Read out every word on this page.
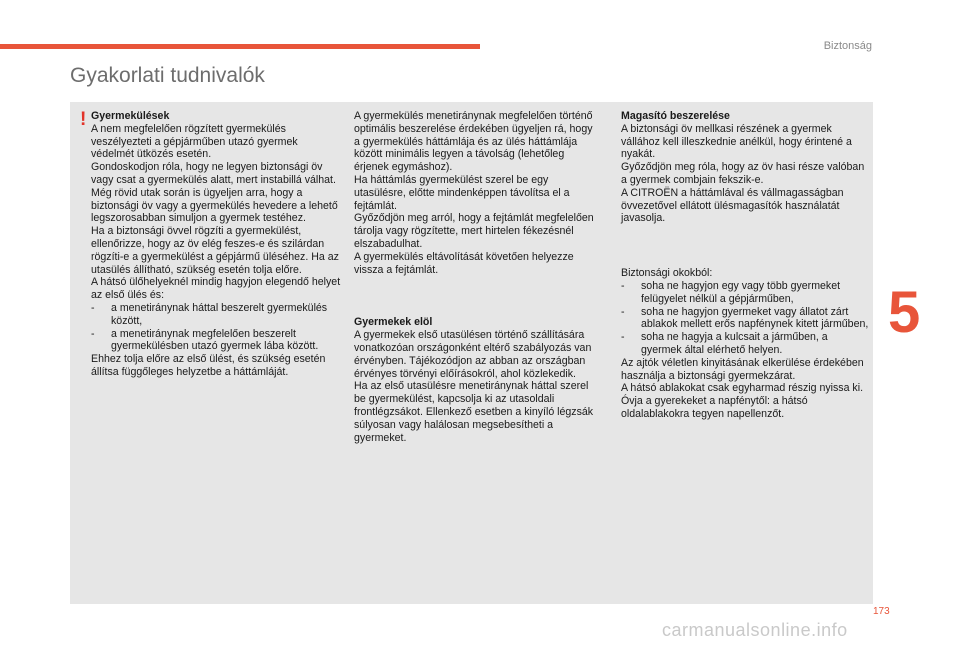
Biztonság
Gyakorlati tudnivalók
! Gyermekülések

A nem megfelelően rögzített gyermekülés veszélyezteti a gépjárműben utazó gyermek védelmét ütközés esetén.

Gondoskodjon róla, hogy ne legyen biztonsági öv vagy csat a gyermekülés alatt, mert instabillá válhat.

Még rövid utak során is ügyeljen arra, hogy a biztonsági öv vagy a gyermekülés hevedere a lehető legszorosabban simuljon a gyermek testéhez.

Ha a biztonsági övvel rögzíti a gyermekülést, ellenőrizze, hogy az öv elég feszes-e és szilárdan rögzíti-e a gyermekülést a gépjármű üléséhez. Ha az utasülés állítható, szükség esetén tolja előre.

A hátsó ülőhelyeknél mindig hagyjon elegendő helyet az első ülés és:

- a menetiránynak háttal beszerelt gyermekülés között,
- a menetiránynak megfelelően beszerelt gyermekülésben utazó gyermek lába között.

Ehhez tolja előre az első ülést, és szükség esetén állítsa függőleges helyzetbe a háttámláját.

A gyermekülés menetiránynak megfelelően történő optimális beszerelése érdekében ügyeljen rá, hogy a gyermekülés háttámlája és az ülés háttámlája között minimális legyen a távolság (lehetőleg érjenek egymáshoz).

Ha háttámlás gyermekülést szerel be egy utasülésre, előtte mindenképpen távolítsa el a fejtámlát.

Győződjön meg arról, hogy a fejtámlát megfelelően tárolja vagy rögzítette, mert hirtelen fékezésnél elszabadulhat.

A gyermekülés eltávolítását követően helyezze vissza a fejtámlát.

Gyermekek elöl

A gyermekek első utasülésen történő szállítására vonatkozóan országonként eltérő szabályozás van érvényben. Tájékozódjon az abban az országban érvényes törvényi előírásokról, ahol közlekedik.

Ha az első utasülésre menetiránynak háttal szerel be gyermekülést, kapcsolja ki az utasoldali frontlégzsákot. Ellenkező esetben a kinyíló légzsák súlyosan vagy halálosan megsebesítheti a gyermeket.

Magasító beszerelése

A biztonsági öv mellkasi részének a gyermek vállához kell illeszkednie anélkül, hogy érintené a nyakát.

Győződjön meg róla, hogy az öv hasi része valóban a gyermek combjain fekszik-e.

A CITROËN a háttámlával és vállmagasságban övvezetővel ellátott ülésmagasítók használatát javasolja.

Biztonsági okokból:

- soha ne hagyjon egy vagy több gyermeket felügyelet nélkül a gépjárműben,
- soha ne hagyjon gyermeket vagy állatot zárt ablakok mellett erős napfénynek kitett járműben,
- soha ne hagyja a kulcsait a járműben, a gyermek által elérhető helyen.

Az ajtók véletlen kinyitásának elkerülése érdekében használja a biztonsági gyermekzárat.

A hátsó ablakokat csak egyharmad részig nyissa ki.

Óvja a gyerekeket a napfénytől: a hátsó oldalablakokra tegyen napellenzőt.

5
173
carmanualsonline.info
